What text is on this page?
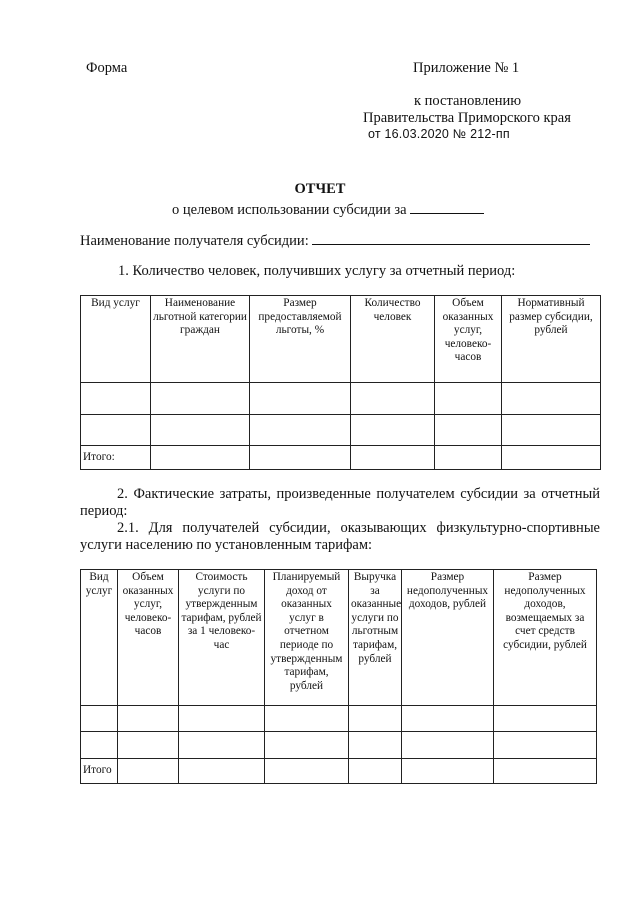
Форма	Приложение № 1
к постановлению
Правительства Приморского края
от 16.03.2020 № 212-пп
ОТЧЕТ
о целевом использовании субсидии за
Наименование получателя субсидии:
1. Количество человек, получивших услугу за отчетный период:
Вид услуг	Наименование льготной категории граждан	Размер предоставляемой льготы, %	Количество человек	Объем оказанных услуг, человеко-часов	Нормативный размер субсидии, рублей

Итого:					
2. Фактические затраты, произведенные получателем субсидии за отчетный период:
2.1. Для получателей субсидии, оказывающих физкультурно-спортивные услуги населению по установленным тарифам:
Вид услуг	Объем оказанных услуг, человеко-часов	Стоимость услуги по утвержденным тарифам, рублей за 1 человеко-час	Планируемый доход от оказанных услуг в отчетном периоде по утвержденным тарифам, рублей	Выручка за оказанные услуги по льготным тарифам, рублей	Размер недополученных доходов, рублей	Размер недополученных доходов, возмещаемых за счет средств субсидии, рублей

Итого						
